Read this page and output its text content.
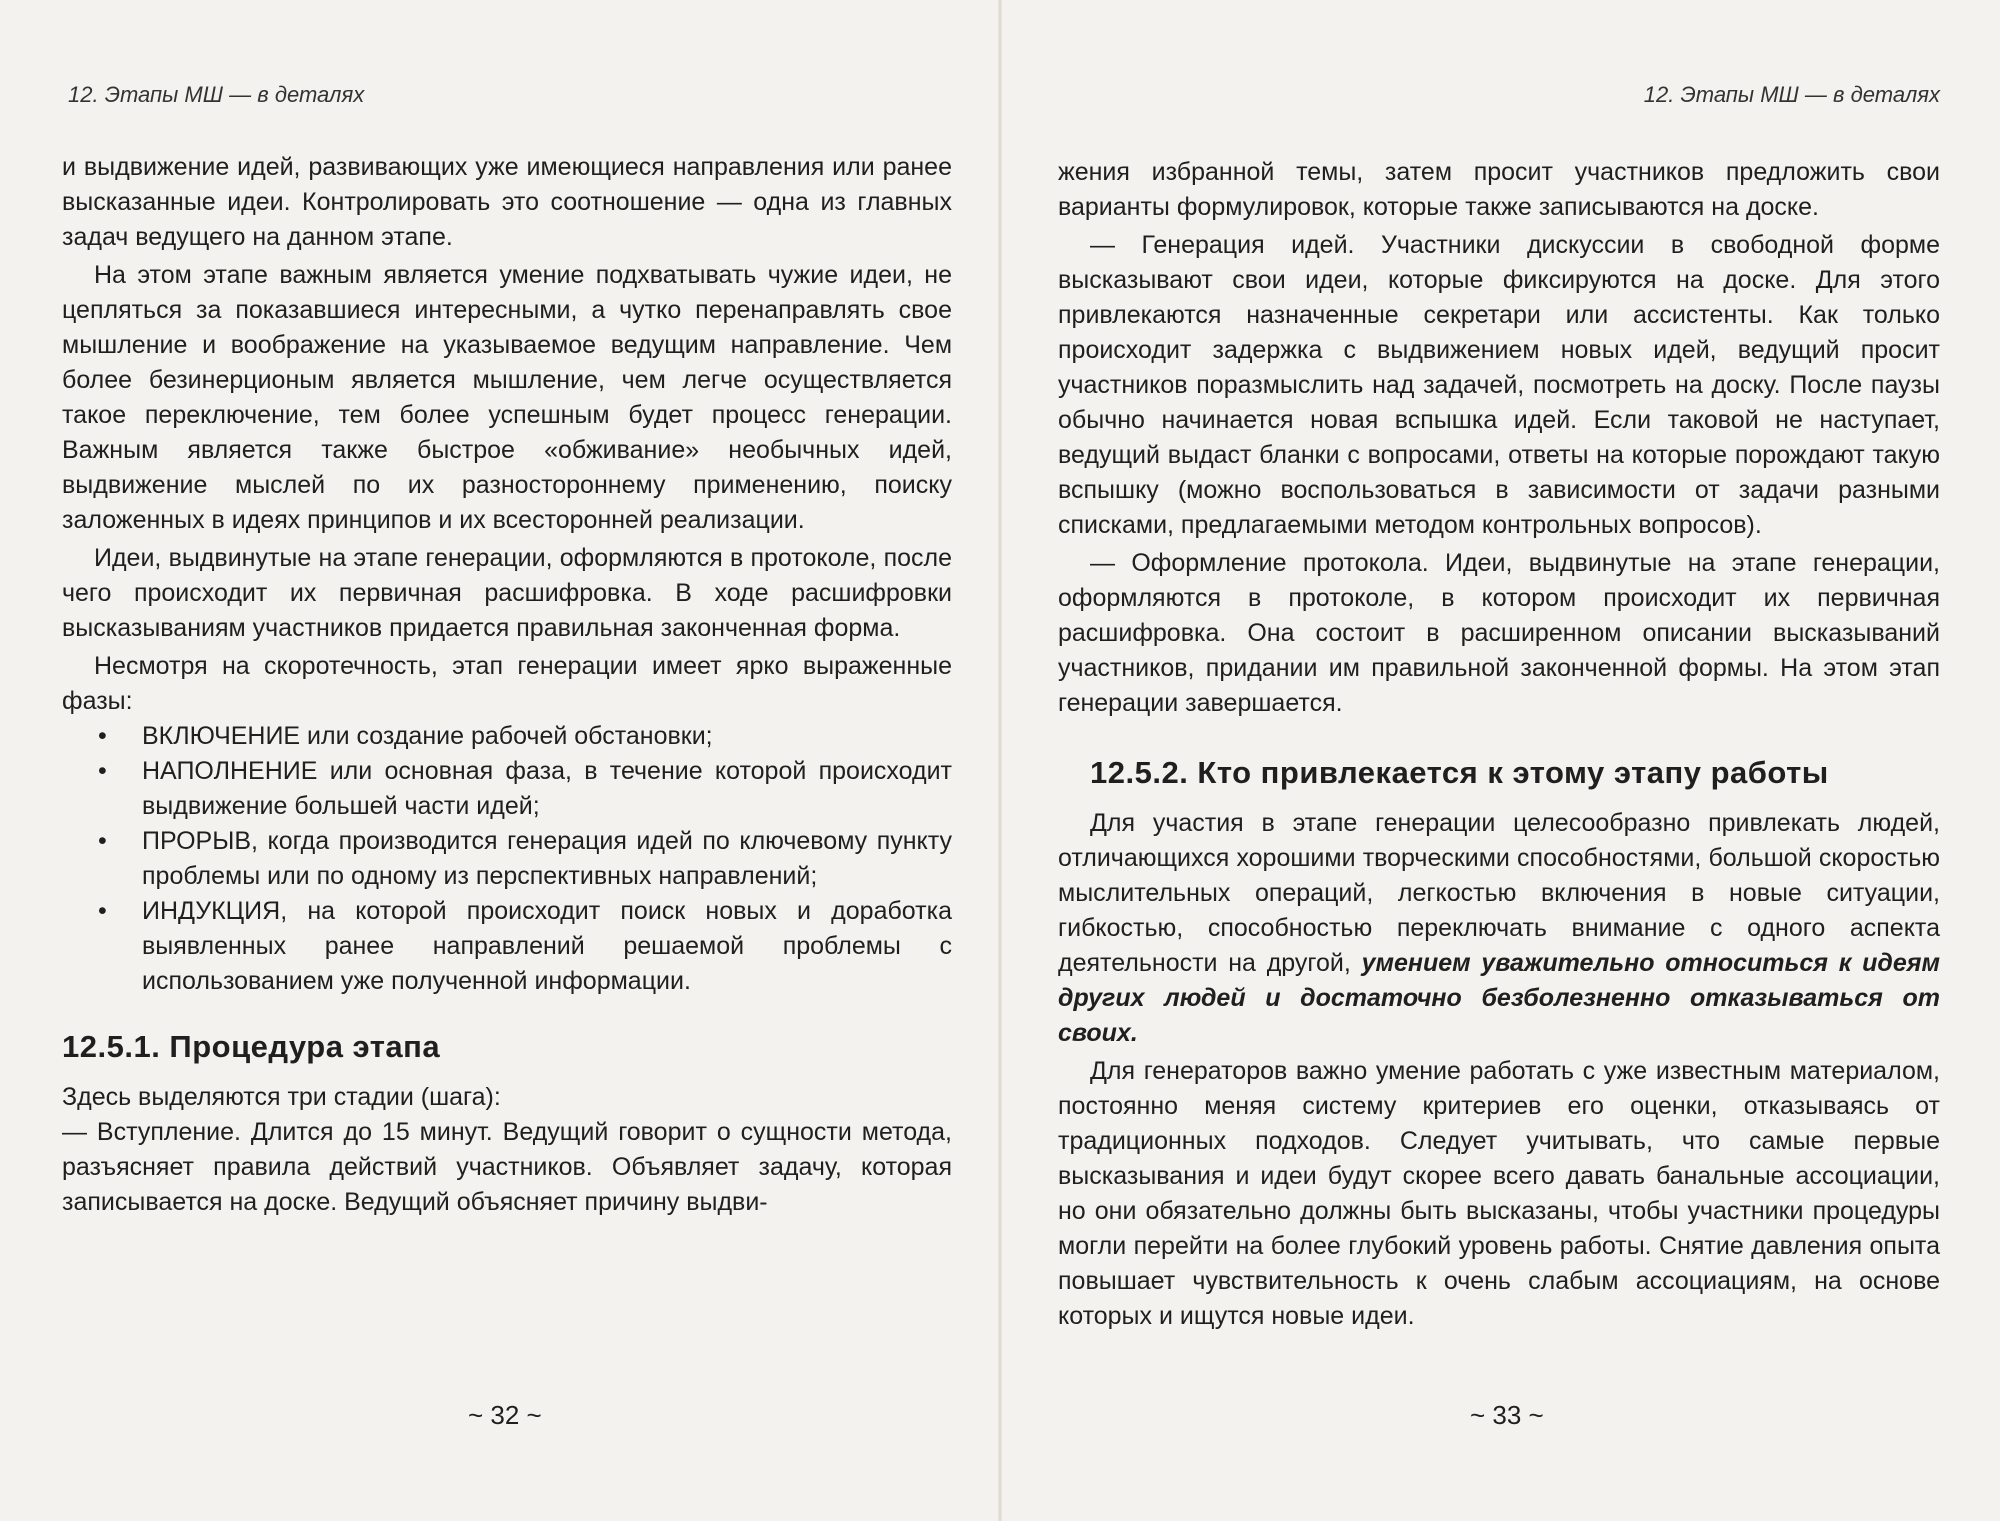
12. Этапы МШ — в деталях

и выдвижение идей, развивающих уже имеющиеся направления или ранее высказанные идеи. Контролировать это соотношение — одна из главных задач ведущего на данном этапе.

На этом этапе важным является умение подхватывать чужие идеи, не цепляться за показавшиеся интересными, а чутко перенаправлять свое мышление и воображение на указываемое ведущим направление. Чем более безинерционым является мышление, чем легче осуществляется такое переключение, тем более успешным будет процесс генерации. Важным является также быстрое «обживание» необычных идей, выдвижение мыслей по их разностороннему применению, поиску заложенных в идеях принципов и их всесторонней реализации.

Идеи, выдвинутые на этапе генерации, оформляются в протоколе, после чего происходит их первичная расшифровка. В ходе расшифровки высказываниям участников придается правильная законченная форма.

Несмотря на скоротечность, этап генерации имеет ярко выраженные фазы:

• ВКЛЮЧЕНИЕ или создание рабочей обстановки;
• НАПОЛНЕНИЕ или основная фаза, в течение которой происходит выдвижение большей части идей;
• ПРОРЫВ, когда производится генерация идей по ключевому пункту проблемы или по одному из перспективных направлений;
• ИНДУКЦИЯ, на которой происходит поиск новых и доработка выявленных ранее направлений решаемой проблемы с использованием уже полученной информации.
12.5.1. Процедура этапа

Здесь выделяются три стадии (шага):

— Вступление. Длится до 15 минут. Ведущий говорит о сущности метода, разъясняет правила действий участников. Объявляет задачу, которая записывается на доске. Ведущий объясняет причину выдви-

~ 32 ~
12. Этапы МШ — в деталях

жения избранной темы, затем просит участников предложить свои варианты формулировок, которые также записываются на доске.

— Генерация идей. Участники дискуссии в свободной форме высказывают свои идеи, которые фиксируются на доске. Для этого привлекаются назначенные секретари или ассистенты. Как только происходит задержка с выдвижением новых идей, ведущий просит участников поразмыслить над задачей, посмотреть на доску. После паузы обычно начинается новая вспышка идей. Если таковой не наступает, ведущий выдаст бланки с вопросами, ответы на которые порождают такую вспышку (можно воспользоваться в зависимости от задачи разными списками, предлагаемыми методом контрольных вопросов).

— Оформление протокола. Идеи, выдвинутые на этапе генерации, оформляются в протоколе, в котором происходит их первичная расшифровка. Она состоит в расширенном описании высказываний участников, придании им правильной законченной формы. На этом этап генерации завершается.

12.5.2. Кто привлекается к этому этапу работы

Для участия в этапе генерации целесообразно привлекать людей, отличающихся хорошими творческими способностями, большой скоростью мыслительных операций, легкостью включения в новые ситуации, гибкостью, способностью переключать внимание с одного аспекта деятельности на другой, умением уважительно относиться к идеям других людей и достаточно безболезненно отказываться от своих.

Для генераторов важно умение работать с уже известным материалом, постоянно меняя систему критериев его оценки, отказываясь от традиционных подходов. Следует учитывать, что самые первые высказывания и идеи будут скорее всего давать банальные ассоциации, но они обязательно должны быть высказаны, чтобы участники процедуры могли перейти на более глубокий уровень работы. Снятие давления опыта повышает чувствительность к очень слабым ассоциациям, на основе которых и ищутся новые идеи.

~ 33 ~
